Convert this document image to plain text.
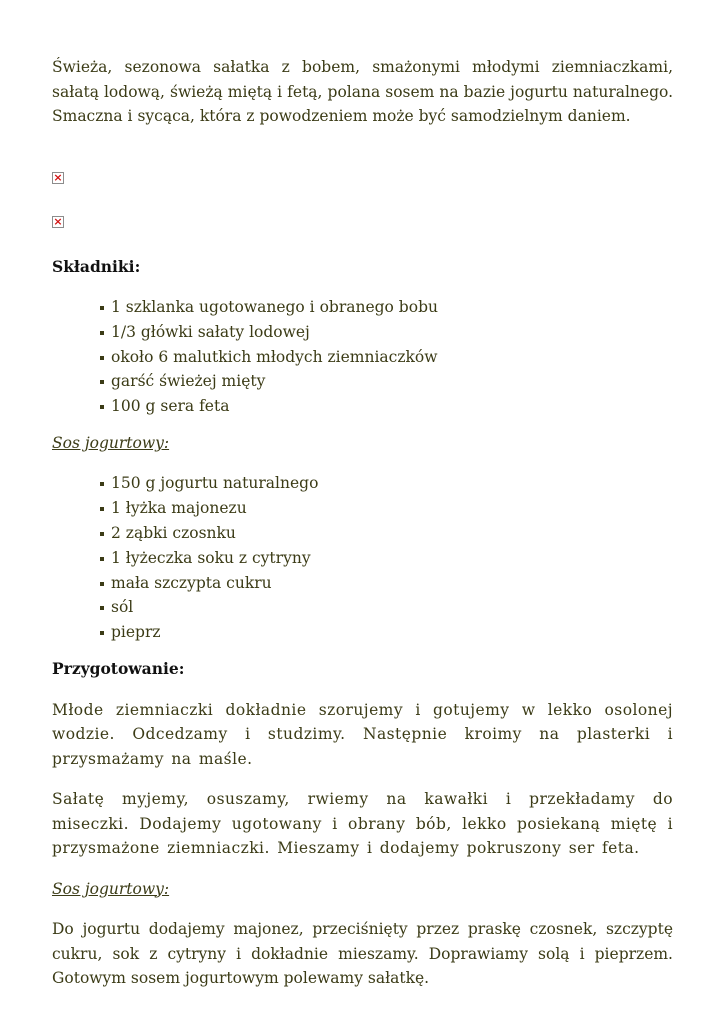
Świeża, sezonowa sałatka z bobem, smażonymi młodymi ziemniaczkami, sałatą lodową, świeżą miętą i fetą, polana sosem na bazie jogurtu naturalnego. Smaczna i sycąca, która z powodzeniem może być samodzielnym daniem.

×
×

Składniki:

1 szklanka ugotowanego i obranego bobu
1/3 główki sałaty lodowej
około 6 malutkich młodych ziemniaczków
garść świeżej mięty
100 g sera feta

Sos jogurtowy:

150 g jogurtu naturalnego
1 łyżka majonezu
2 ząbki czosnku
1 łyżeczka soku z cytryny
mała szczypta cukru
sól
pieprz

Przygotowanie:

Młode ziemniaczki dokładnie szorujemy i gotujemy w lekko osolonej wodzie. Odcedzamy i studzimy. Następnie kroimy na plasterki i przysmażamy na maśle.

Sałatę myjemy, osuszamy, rwiemy na kawałki i przekładamy do miseczki. Dodajemy ugotowany i obrany bób, lekko posiekaną miętę i przysmażone ziemniaczki. Mieszamy i dodajemy pokruszony ser feta.

Sos jogurtowy:

Do jogurtu dodajemy majonez, przeciśnięty przez praskę czosnek, szczyptę cukru, sok z cytryny i dokładnie mieszamy. Doprawiamy solą i pieprzem. Gotowym sosem jogurtowym polewamy sałatkę.
